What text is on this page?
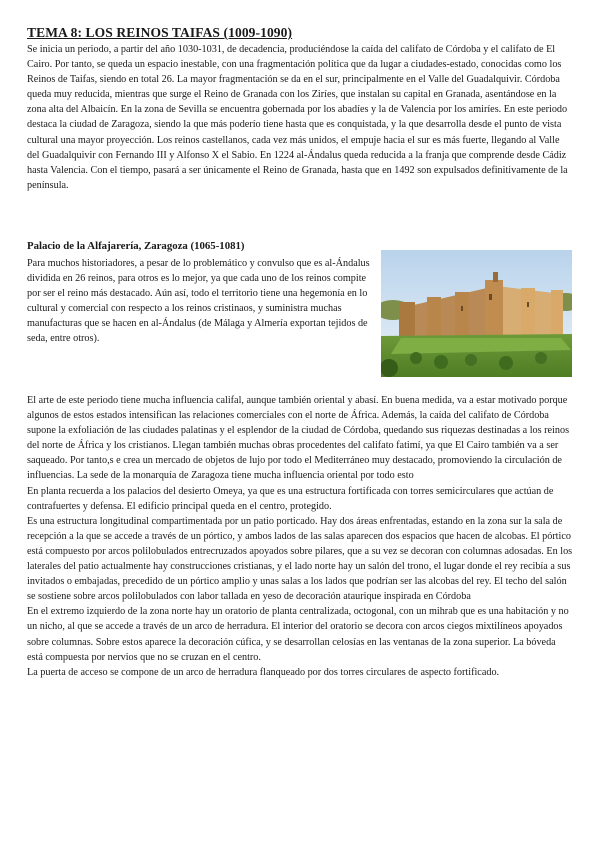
TEMA 8: LOS REINOS TAIFAS (1009-1090)

Se inicia un periodo, a partir del año 1030-1031, de decadencia, produciéndose la caída del califato de Córdoba y el califato de El Cairo. Por tanto, se queda un espacio inestable, con una fragmentación política que da lugar a ciudades-estado, conocidas como los Reinos de Taifas, siendo en total 26. La mayor fragmentación se da en el sur, principalmente en el Valle del Guadalquivir. Córdoba queda muy reducida, mientras que surge el Reino de Granada con los Ziríes, que instalan su capital en Granada, asentándose en la zona alta del Albaicín. En la zona de Sevilla se encuentra gobernada por los abadíes y la de Valencia por los amiríes. En este periodo destaca la ciudad de Zaragoza, siendo la que más poderío tiene hasta que es conquistada, y la que desarrolla desde el punto de vista cultural una mayor proyección. Los reinos castellanos, cada vez más unidos, el empuje hacia el sur es más fuerte, llegando al Valle del Guadalquivir con Fernando III y Alfonso X el Sabio. En 1224 al-Ándalus queda reducida a la franja que comprende desde Cádiz hasta Valencia. Con el tiempo, pasará a ser únicamente el Reino de Granada, hasta que en 1492 son expulsados definitivamente de la península.

Palacio de la Alfajarería, Zaragoza (1065-1081)

Para muchos historiadores, a pesar de lo problemático y convulso que es al-Ándalus dividida en 26 reinos, para otros es lo mejor, ya que cada uno de los reinos compite por ser el reino más destacado. Aún así, todo el territorio tiene una hegemonía en lo cultural y comercial con respecto a los reinos cristinaos, y suministra muchas manufacturas que se hacen en al-Ándalus (de Málaga y Almería exportan tejidos de seda, entre otros).

El arte de este periodo tiene mucha influencia califal, aunque también oriental y abasí. En buena medida, va a estar motivado porque algunos de estos estados intensifican las relaciones comerciales con el norte de África. Además, la caída del califato de Córdoba supone la exfoliación de las ciudades palatinas y el esplendor de la ciudad de Córdoba, quedando sus riquezas destinadas a los reinos del norte de África y los cristianos. Llegan también muchas obras procedentes del califato fatimí, ya que El Cairo también va a ser saqueado. Por tanto,s e crea un mercado de objetos de lujo por todo el Mediterráneo muy destacado, promoviendo la circulación de influencias. La sede de la monarquía de Zaragoza tiene mucha influencia oriental por todo esto

En planta recuerda a los palacios del desierto Omeya, ya que es una estructura fortificada con torres semicirculares que actúan de contrafuertes y defensa. El edificio principal queda en el centro, protegido.

Es una estructura longitudinal compartimentada por un patio porticado. Hay dos áreas enfrentadas, estando en la zona sur la sala de recepción a la que se accede a través de un pórtico, y ambos lados de las salas aparecen dos espacios que hacen de alcobas. El pórtico está compuesto por arcos polilobulados entrecruzados apoyados sobre pilares, que a su vez se decoran con columnas adosadas. En los laterales del patio actualmente hay construcciones cristianas, y el lado norte hay un salón del trono, el lugar donde el rey recibía a sus invitados o embajadas, precedido de un pórtico amplio y unas salas a los lados que podrían ser las alcobas del rey. El techo del salón se sostiene sobre arcos polilobulados con labor tallada en yeso de decoración ataurique inspirada en Córdoba

En el extremo izquierdo de la zona norte hay un oratorio de planta centralizada, octogonal, con un mihrab que es una habitación y no un nicho, al que se accede a través de un arco de herradura. El interior del oratorio se decora con arcos ciegos mixtilíneos apoyados sobre columnas. Sobre estos aparece la decoración cúfica, y se desarrollan celosías en las ventanas de la zona superior. La bóveda está compuesta por nervios que no se cruzan en el centro.

La puerta de acceso se compone de un arco de herradura flanqueado por dos torres circulares de aspecto fortificado.
